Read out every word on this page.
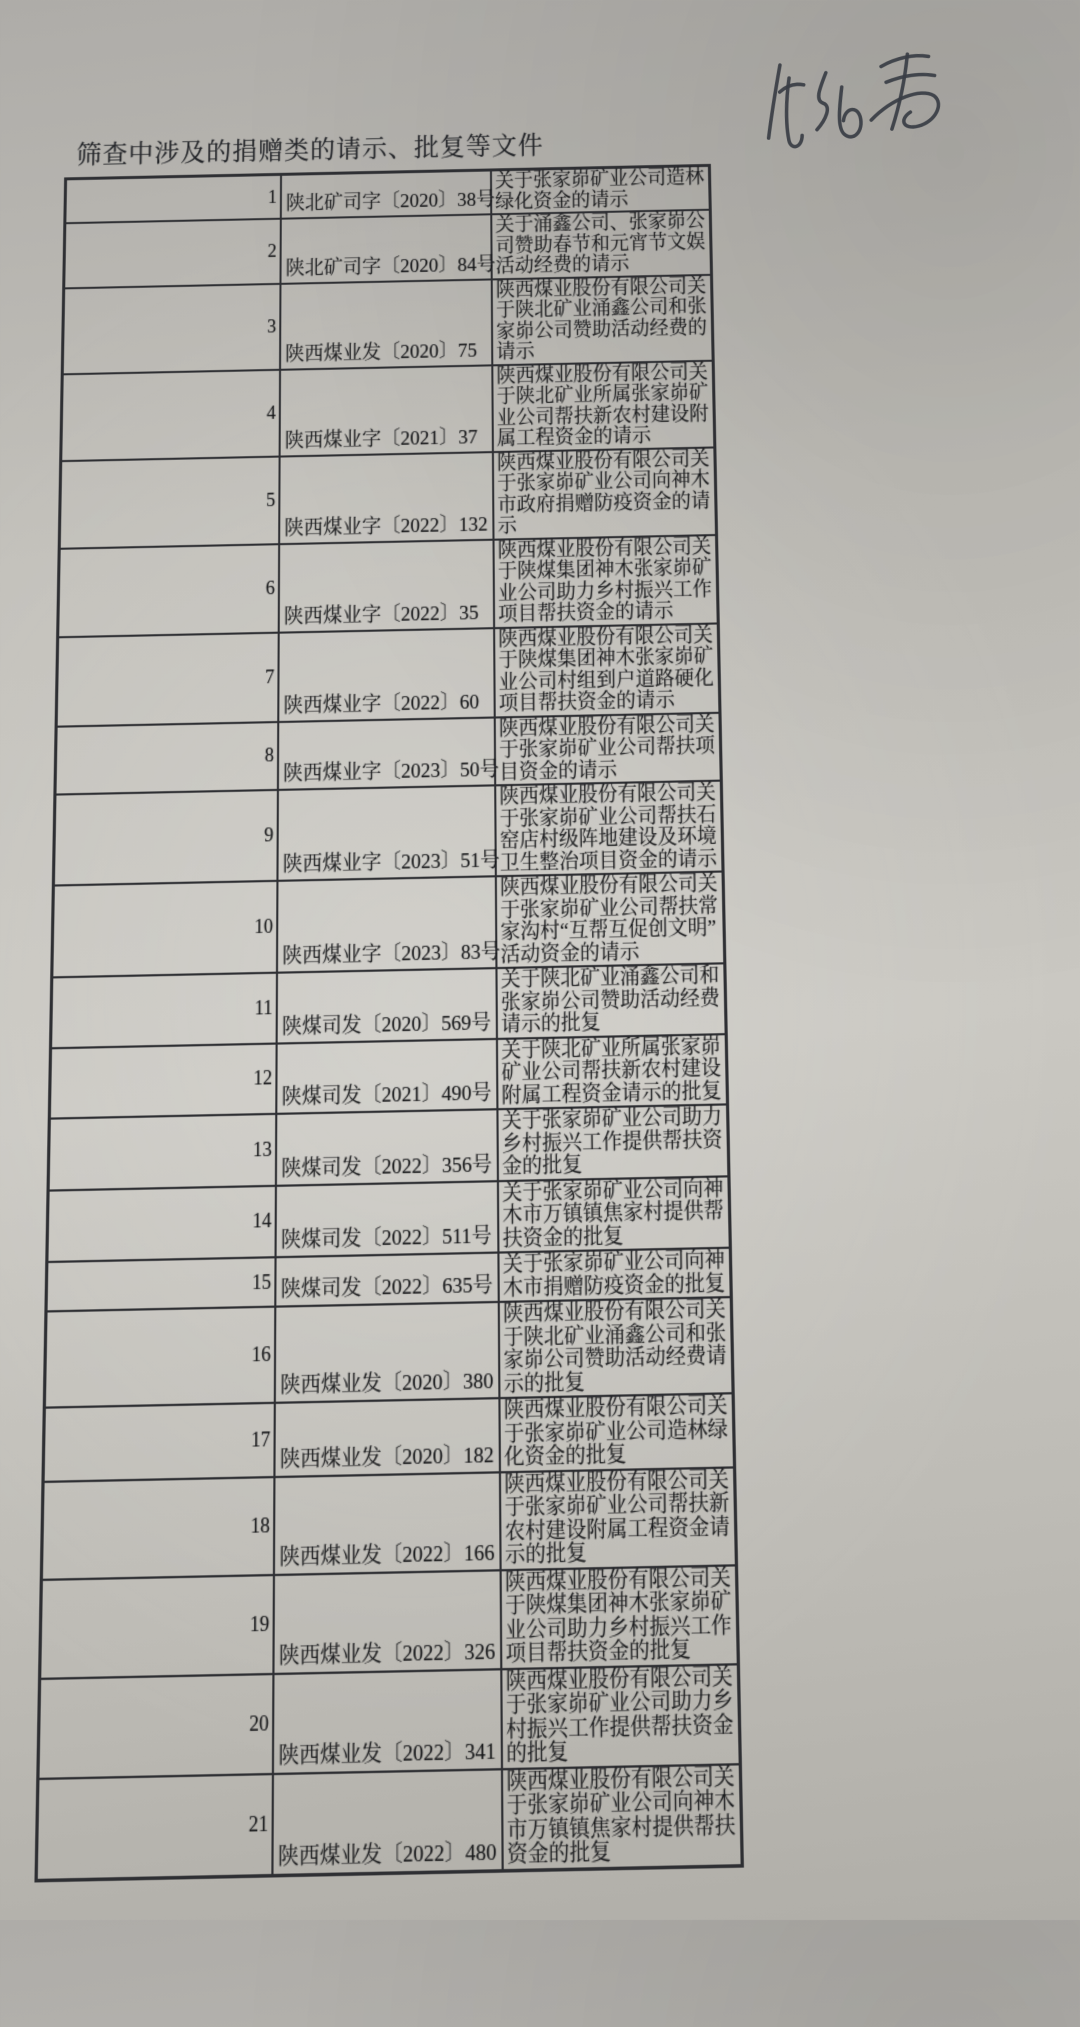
筛查中涉及的捐赠类的请示、批复等文件
1 陕北矿司字〔2020〕38号
关于张家峁矿业公司造林绿化资金的请示
2
陕北矿司字〔2020〕84号
关于涌鑫公司、张家峁公司赞助春节和元宵节文娱活动经费的请示
3
陕西煤业发〔2020〕75
陕西煤业股份有限公司关于陕北矿业涌鑫公司和张家峁公司赞助活动经费的请示
4
陕西煤业字〔2021〕37
陕西煤业股份有限公司关于陕北矿业所属张家峁矿业公司帮扶新农村建设附属工程资金的请示
5
陕西煤业字〔2022〕132
陕西煤业股份有限公司关于张家峁矿业公司向神木市政府捐赠防疫资金的请示
6
陕西煤业字〔2022〕35
陕西煤业股份有限公司关于陕煤集团神木张家峁矿业公司助力乡村振兴工作项目帮扶资金的请示
7
陕西煤业字〔2022〕60
陕西煤业股份有限公司关于陕煤集团神木张家峁矿业公司村组到户道路硬化项目帮扶资金的请示
8
陕西煤业字〔2023〕50号
陕西煤业股份有限公司关于张家峁矿业公司帮扶项目资金的请示
9
陕西煤业字〔2023〕51号
陕西煤业股份有限公司关于张家峁矿业公司帮扶石窑店村级阵地建设及环境卫生整治项目资金的请示
10
陕西煤业字〔2023〕83号
陕西煤业股份有限公司关于张家峁矿业公司帮扶常家沟村“互帮互促创文明”活动资金的请示
11
陕煤司发〔2020〕569号
关于陕北矿业涌鑫公司和张家峁公司赞助活动经费请示的批复
12
陕煤司发〔2021〕490号
关于陕北矿业所属张家峁矿业公司帮扶新农村建设附属工程资金请示的批复
13
陕煤司发〔2022〕356号
关于张家峁矿业公司助力乡村振兴工作提供帮扶资金的批复
14
陕煤司发〔2022〕511号
关于张家峁矿业公司向神木市万镇镇焦家村提供帮扶资金的批复
15 陕煤司发〔2022〕635号
关于张家峁矿业公司向神木市捐赠防疫资金的批复
16
陕西煤业发〔2020〕380
陕西煤业股份有限公司关于陕北矿业涌鑫公司和张家峁公司赞助活动经费请示的批复
17
陕西煤业发〔2020〕182
陕西煤业股份有限公司关于张家峁矿业公司造林绿化资金的批复
18
陕西煤业发〔2022〕166
陕西煤业股份有限公司关于张家峁矿业公司帮扶新农村建设附属工程资金请示的批复
19
陕西煤业发〔2022〕326
陕西煤业股份有限公司关于陕煤集团神木张家峁矿业公司助力乡村振兴工作项目帮扶资金的批复
20
陕西煤业发〔2022〕341
陕西煤业股份有限公司关于张家峁矿业公司助力乡村振兴工作提供帮扶资金的批复
21
陕西煤业发〔2022〕480
陕西煤业股份有限公司关于张家峁矿业公司向神木市万镇镇焦家村提供帮扶资金的批复
